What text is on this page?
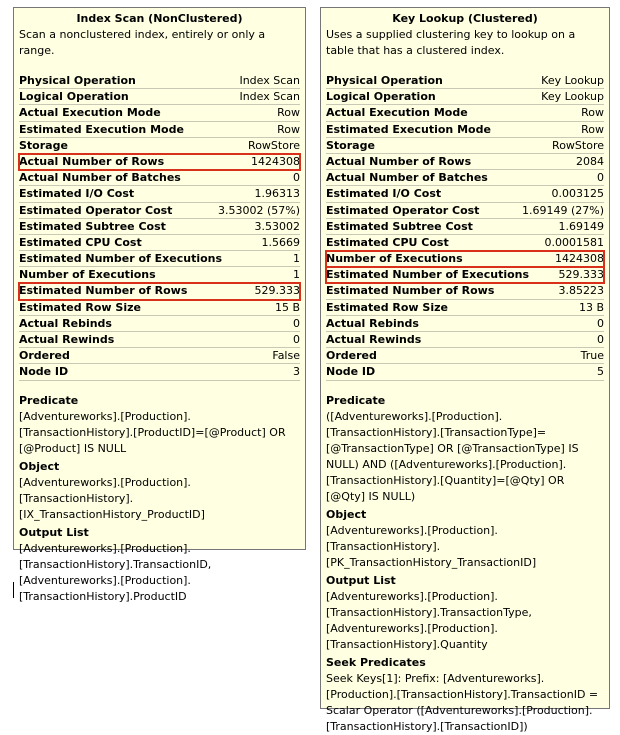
Index Scan (NonClustered)
Scan a nonclustered index, entirely or only a range.
Physical Operation	Index Scan
Logical Operation	Index Scan
Actual Execution Mode	Row
Estimated Execution Mode	Row
Storage	RowStore
Actual Number of Rows	1424308
Actual Number of Batches	0
Estimated I/O Cost	1.96313
Estimated Operator Cost	3.53002 (57%)
Estimated Subtree Cost	3.53002
Estimated CPU Cost	1.5669
Estimated Number of Executions	1
Number of Executions	1
Estimated Number of Rows	529.333
Estimated Row Size	15 B
Actual Rebinds	0
Actual Rewinds	0
Ordered	False
Node ID	3
Predicate
[Adventureworks].[Production].[TransactionHistory].[ProductID]=[@Product] OR [@Product] IS NULL
Object
[Adventureworks].[Production].[TransactionHistory].[IX_TransactionHistory_ProductID]
Output List
[Adventureworks].[Production].[TransactionHistory].TransactionID, [Adventureworks].[Production].[TransactionHistory].ProductID
Key Lookup (Clustered)
Uses a supplied clustering key to lookup on a table that has a clustered index.
Physical Operation	Key Lookup
Logical Operation	Key Lookup
Actual Execution Mode	Row
Estimated Execution Mode	Row
Storage	RowStore
Actual Number of Rows	2084
Actual Number of Batches	0
Estimated I/O Cost	0.003125
Estimated Operator Cost	1.69149 (27%)
Estimated Subtree Cost	1.69149
Estimated CPU Cost	0.0001581
Number of Executions	1424308
Estimated Number of Executions	529.333
Estimated Number of Rows	3.85223
Estimated Row Size	13 B
Actual Rebinds	0
Actual Rewinds	0
Ordered	True
Node ID	5
Predicate
([Adventureworks].[Production].[TransactionHistory].[TransactionType]=[@TransactionType] OR [@TransactionType] IS NULL) AND ([Adventureworks].[Production].[TransactionHistory].[Quantity]=[@Qty] OR [@Qty] IS NULL)
Object
[Adventureworks].[Production].[TransactionHistory].[PK_TransactionHistory_TransactionID]
Output List
[Adventureworks].[Production].[TransactionHistory].TransactionType, [Adventureworks].[Production].[TransactionHistory].Quantity
Seek Predicates
Seek Keys[1]: Prefix: [Adventureworks].[Production].[TransactionHistory].TransactionID = Scalar Operator ([Adventureworks].[Production].[TransactionHistory].[TransactionID])
